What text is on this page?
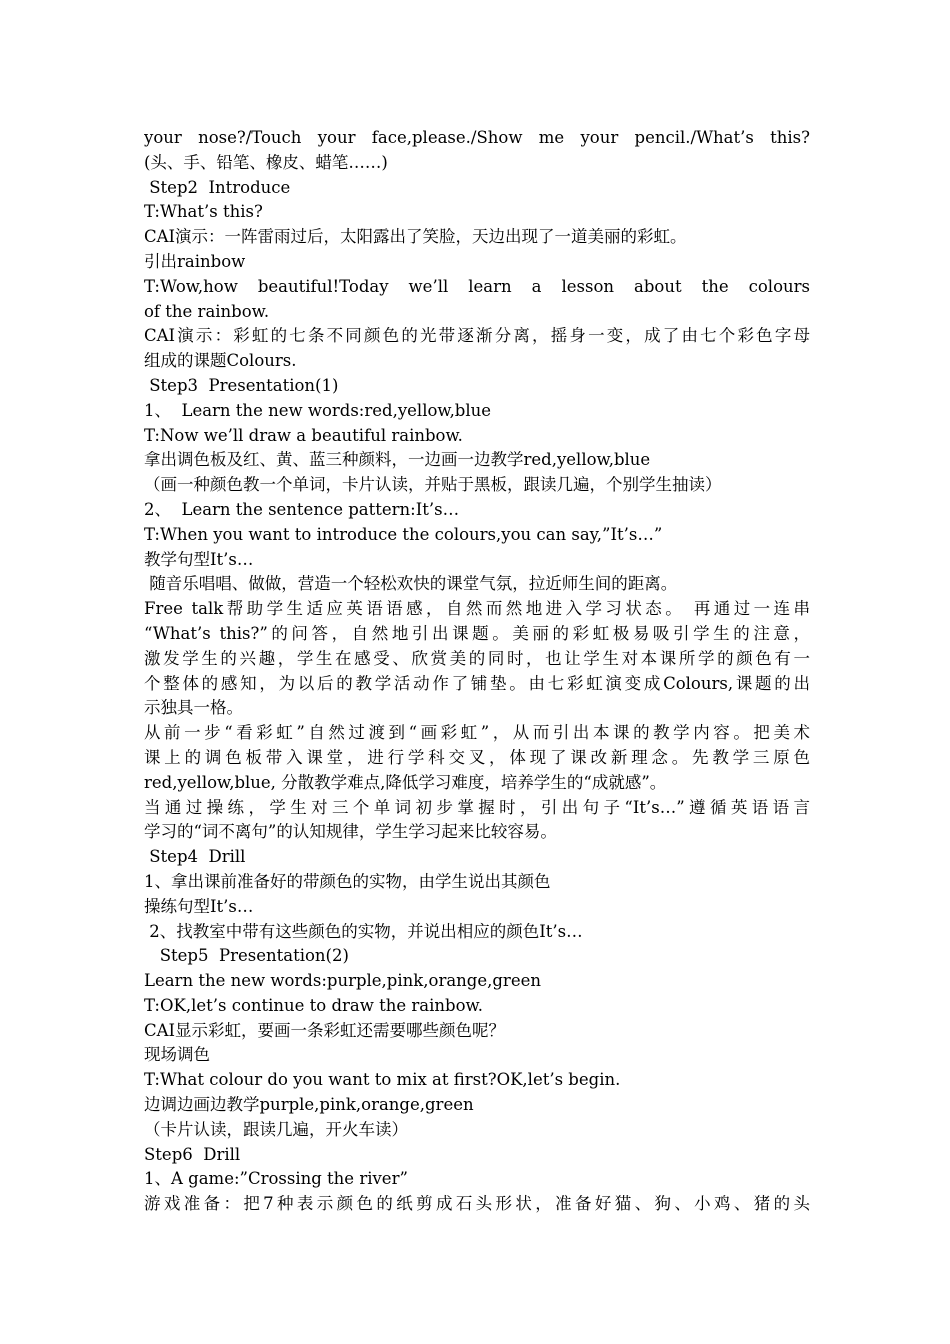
your nose?/Touch your face,please./Show me your pencil./What’s this?
(头、手、铅笔、橡皮、蜡笔……)
Step2  Introduce
T:What’s this?
CAI演示：一阵雷雨过后，太阳露出了笑脸，天边出现了一道美丽的彩虹。
引出rainbow
T:Wow,how beautiful!Today we’ll learn a lesson about the colours
of the rainbow.
CAI演示：彩虹的七条不同颜色的光带逐渐分离，摇身一变，成了由七个彩色字母
组成的课题Colours.
Step3  Presentation(1)
1、  Learn the new words:red,yellow,blue
T:Now we’ll draw a beautiful rainbow.
拿出调色板及红、黄、蓝三种颜料，一边画一边教学red,yellow,blue
（画一种颜色教一个单词，卡片认读，并贴于黑板，跟读几遍，个别学生抽读）
2、  Learn the sentence pattern:It’s…
T:When you want to introduce the colours,you can say,”It’s…”
教学句型It’s…
随音乐唱唱、做做，营造一个轻松欢快的课堂气氛，拉近师生间的距离。
Free talk帮助学生适应英语语感，自然而然地进入学习状态。 再通过一连串
“What’s this?”的问答，自然地引出课题。美丽的彩虹极易吸引学生的注意，
激发学生的兴趣，学生在感受、欣赏美的同时，也让学生对本课所学的颜色有一
个整体的感知，为以后的教学活动作了铺垫。由七彩虹演变成Colours,课题的出
示独具一格。
从前一步“看彩虹”自然过渡到“画彩虹”，从而引出本课的教学内容。把美术
课上的调色板带入课堂，进行学科交叉，体现了课改新理念。先教学三原色
red,yellow,blue, 分散教学难点,降低学习难度，培养学生的“成就感”。
当通过操练，学生对三个单词初步掌握时，引出句子“It’s…”遵循英语语言
学习的“词不离句”的认知规律，学生学习起来比较容易。
Step4  Drill
1、拿出课前准备好的带颜色的实物，由学生说出其颜色
操练句型It’s…
2、找教室中带有这些颜色的实物，并说出相应的颜色It’s…
Step5  Presentation(2)
Learn the new words:purple,pink,orange,green
T:OK,let’s continue to draw the rainbow.
CAI显示彩虹，要画一条彩虹还需要哪些颜色呢？
现场调色
T:What colour do you want to mix at first?OK,let’s begin.
边调边画边教学purple,pink,orange,green
（卡片认读，跟读几遍，开火车读）
Step6  Drill
1、A game:”Crossing the river”
游戏准备：把7种表示颜色的纸剪成石头形状，准备好猫、狗、小鸡、猪的头
